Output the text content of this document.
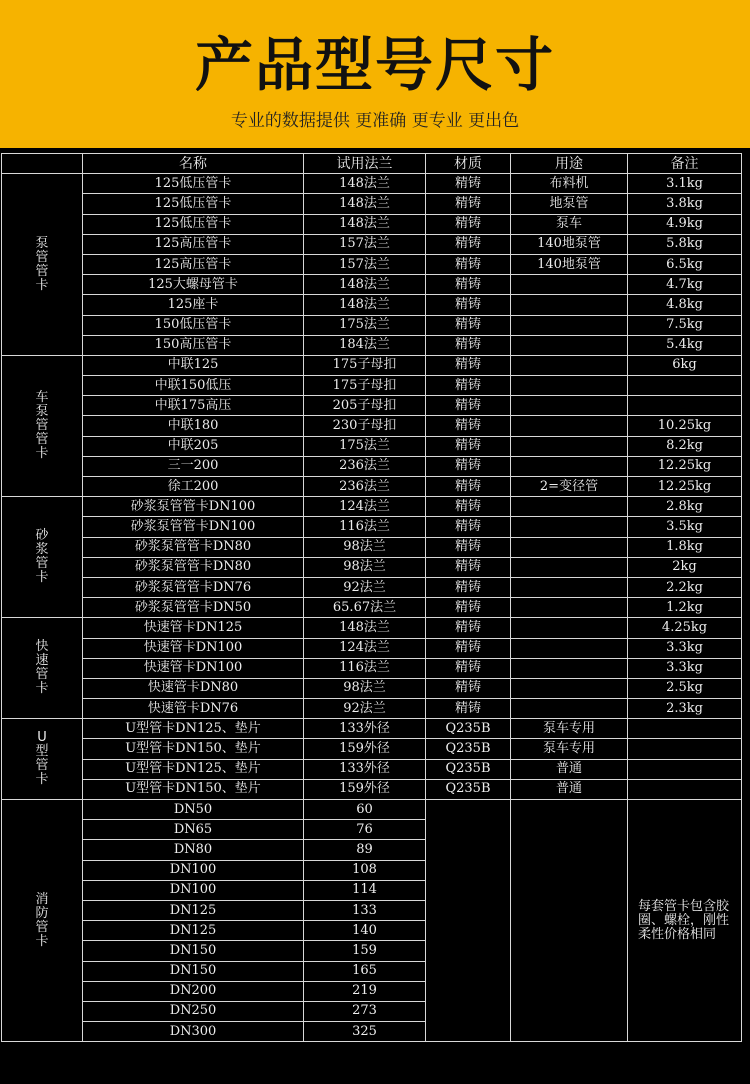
产品型号尺寸
专业的数据提供 更准确 更专业 更出色
	名称	试用法兰	材质	用途	备注
泵管管卡	125低压管卡	148法兰	精铸	布料机	3.1kg
	125低压管卡	148法兰	精铸	地泵管	3.8kg
	125低压管卡	148法兰	精铸	泵车	4.9kg
	125高压管卡	157法兰	精铸	140地泵管	5.8kg
	125高压管卡	157法兰	精铸	140地泵管	6.5kg
	125大螺母管卡	148法兰	精铸		4.7kg
	125座卡	148法兰	精铸		4.8kg
	150低压管卡	175法兰	精铸		7.5kg
	150高压管卡	184法兰	精铸		5.4kg
车泵管管卡	中联125	175子母扣	精铸		6kg
	中联150低压	175子母扣	精铸		
	中联175高压	205子母扣	精铸		
	中联180	230子母扣	精铸		10.25kg
	中联205	175法兰	精铸		8.2kg
	三一200	236法兰	精铸		12.25kg
	徐工200	236法兰	精铸	2=变径管	12.25kg
砂浆管卡	砂浆泵管管卡DN100	124法兰	精铸		2.8kg
	砂浆泵管管卡DN100	116法兰	精铸		3.5kg
	砂浆泵管管卡DN80	98法兰	精铸		1.8kg
	砂浆泵管管卡DN80	98法兰	精铸		2kg
	砂浆泵管管卡DN76	92法兰	精铸		2.2kg
	砂浆泵管管卡DN50	65.67法兰	精铸		1.2kg
快速管卡	快速管卡DN125	148法兰	精铸		4.25kg
	快速管卡DN100	124法兰	精铸		3.3kg
	快速管卡DN100	116法兰	精铸		3.3kg
	快速管卡DN80	98法兰	精铸		2.5kg
	快速管卡DN76	92法兰	精铸		2.3kg
U型管卡	U型管卡DN125、垫片	133外径	Q235B	泵车专用	
	U型管卡DN150、垫片	159外径	Q235B	泵车专用	
	U型管卡DN125、垫片	133外径	Q235B	普通	
	U型管卡DN150、垫片	159外径	Q235B	普通	
消防管卡	DN50	60			每套管卡包含胶圈、螺栓，刚性柔性价格相同
	DN65	76			
	DN80	89			
	DN100	108			
	DN100	114			
	DN125	133			
	DN125	140			
	DN150	159			
	DN150	165			
	DN200	219			
	DN250	273			
	DN300	325			
